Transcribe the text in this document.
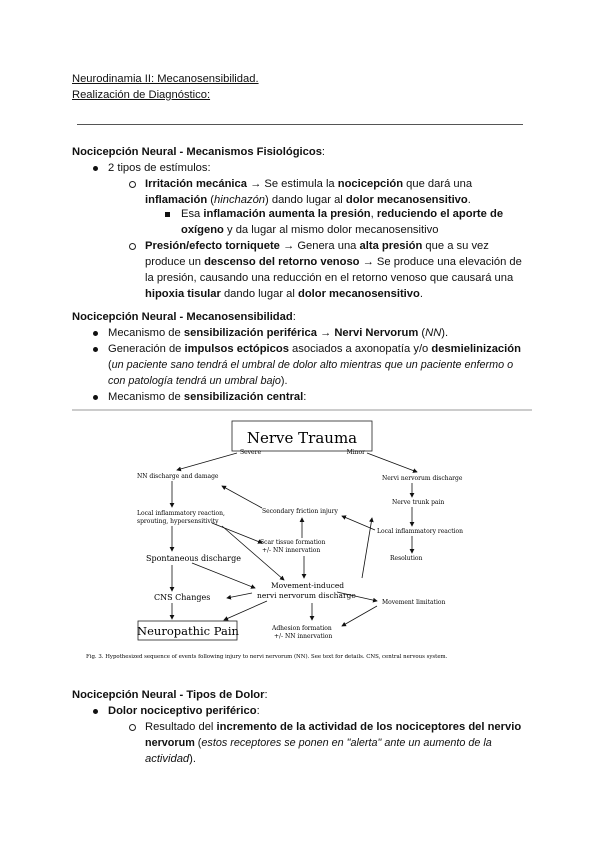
Neurodinamia II: Mecanosensibilidad.
Realización de Diagnóstico:
Nocicepción Neural - Mecanismos Fisiológicos:
2 tipos de estímulos:
Irritación mecánica → Se estimula la nocicepción que dará una
inflamación (hinchazón) dando lugar al dolor mecanosensitivo.
Esa inflamación aumenta la presión, reduciendo el aporte de
oxígeno y da lugar al mismo dolor mecanosensitivo
Presión/efecto torniquete → Genera una alta presión que a su vez
produce un descenso del retorno venoso → Se produce una elevación de
la presión, causando una reducción en el retorno venoso que causará una
hipoxia tisular dando lugar al dolor mecanosensitivo.
Nocicepción Neural - Mecanosensibilidad:
Mecanismo de sensibilización periférica → Nervi Nervorum (NN).
Generación de impulsos ectópicos asociados a axonopatía y/o desmielinización
(un paciente sano tendrá el umbral de dolor alto mientras que un paciente enfermo o
con patología tendrá un umbral bajo).
Mecanismo de sensibilización central:
Nerve Trauma
Severe	Minor
NN discharge and damage
Local inflammatory reaction,
sprouting, hypersensitivity
Spontaneous discharge
CNS Changes
Neuropathic Pain
Secondary friction injury
Scar tissue formation
+/- NN innervation
Movement-induced
nervi nervorum discharge
Movement limitation
Adhesion formation
+/- NN innervation
Nervi nervorum discharge
Nerve trunk pain
Local inflammatory reaction
Resolution
Fig. 3. Hypothesized sequence of events following injury to nervi nervorum (NN). See text for details. CNS, central nervous system.
Nocicepción Neural - Tipos de Dolor:
Dolor nociceptivo periférico:
Resultado del incremento de la actividad de los nociceptores del nervio
nervorum (estos receptores se ponen en "alerta" ante un aumento de la
actividad).
